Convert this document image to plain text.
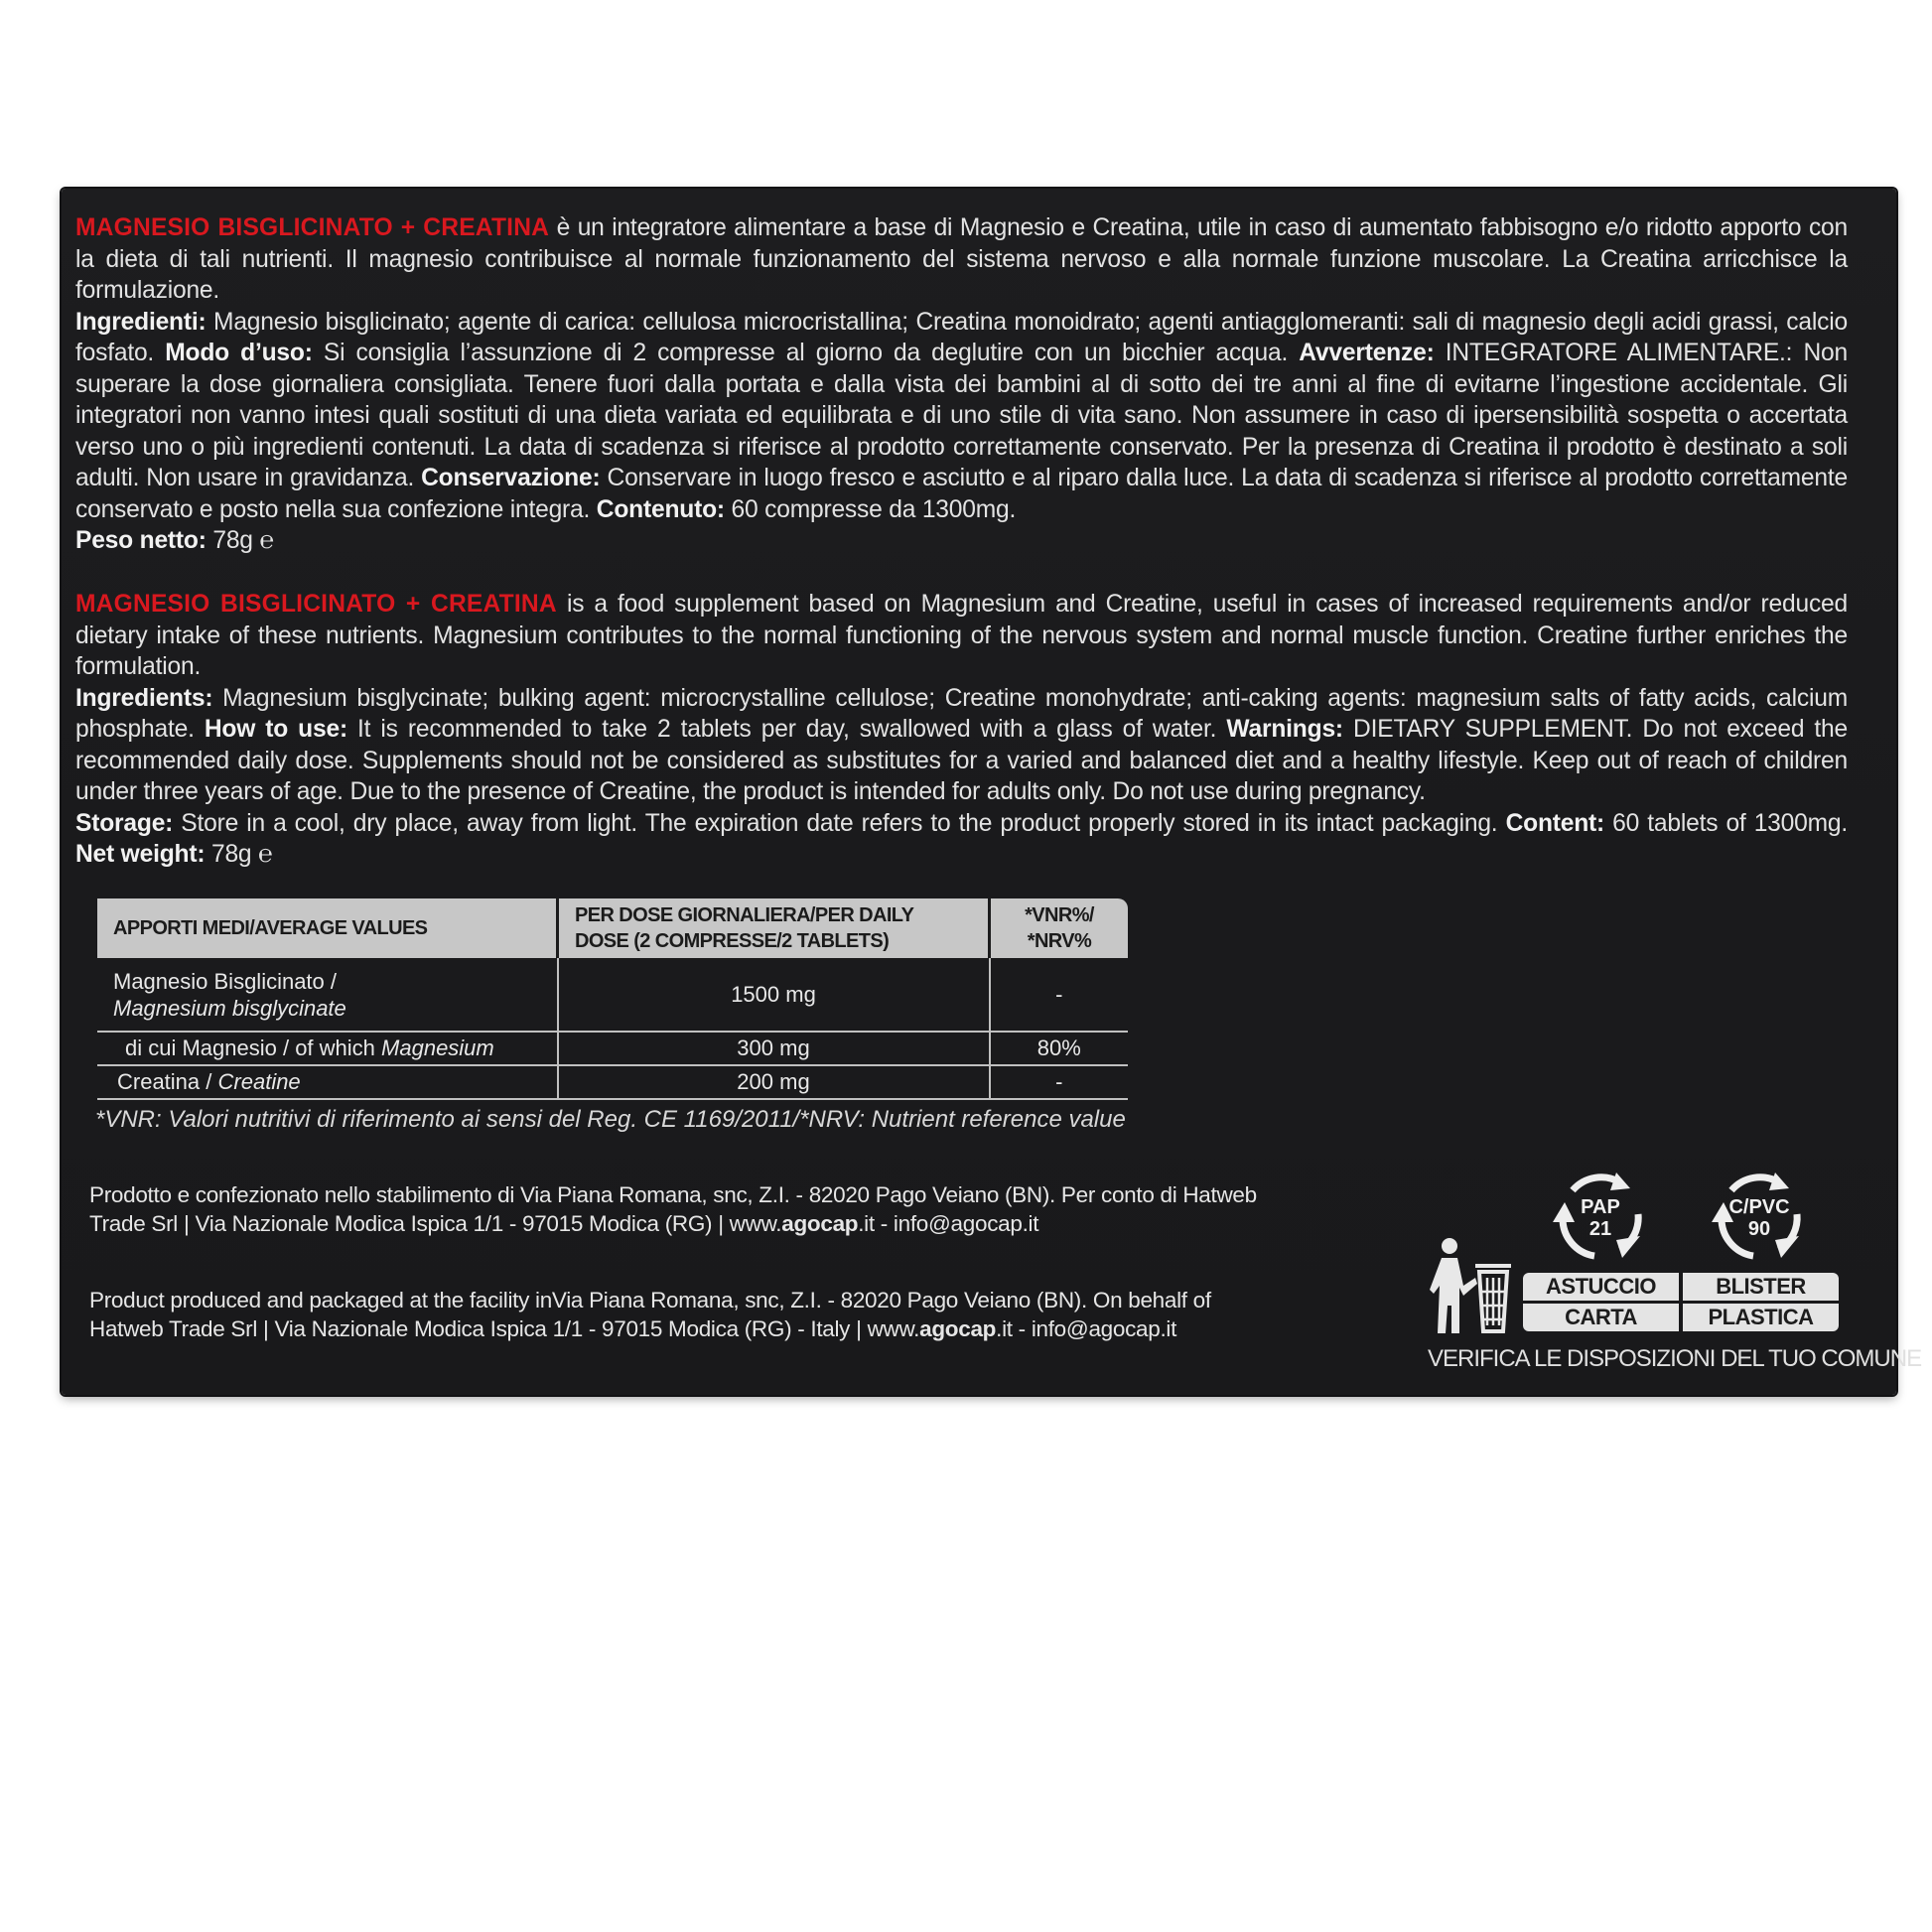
MAGNESIO BISGLICINATO + CREATINA è un integratore alimentare a base di Magnesio e Creatina, utile in caso di aumentato fabbisogno e/o ridotto apporto con la dieta di tali nutrienti. Il magnesio contribuisce al normale funzionamento del sistema nervoso e alla normale funzione muscolare. La Creatina arricchisce la formulazione.
Ingredienti: Magnesio bisglicinato; agente di carica: cellulosa microcristallina; Creatina monoidrato; agenti antiagglomeranti: sali di magnesio degli acidi grassi, calcio fosfato. Modo d’uso: Si consiglia l’assunzione di 2 compresse al giorno da deglutire con un bicchier acqua. Avvertenze: INTEGRATORE ALIMENTARE.: Non superare la dose giornaliera consigliata. Tenere fuori dalla portata e dalla vista dei bambini al di sotto dei tre anni al fine di evitarne l’ingestione accidentale. Gli integratori non vanno intesi quali sostituti di una dieta variata ed equilibrata e di uno stile di vita sano. Non assumere in caso di ipersensibilità sospetta o accertata verso uno o più ingredienti contenuti. La data di scadenza si riferisce al prodotto correttamente conservato. Per la presenza di Creatina il prodotto è destinato a soli adulti. Non usare in gravidanza. Conservazione: Conservare in luogo fresco e asciutto e al riparo dalla luce. La data di scadenza si riferisce al prodotto correttamente conservato e posto nella sua confezione integra. Contenuto: 60 compresse da 1300mg.
Peso netto: 78g ℮
MAGNESIO BISGLICINATO + CREATINA is a food supplement based on Magnesium and Creatine, useful in cases of increased requirements and/or reduced dietary intake of these nutrients. Magnesium contributes to the normal functioning of the nervous system and normal muscle function. Creatine further enriches the formulation.
Ingredients: Magnesium bisglycinate; bulking agent: microcrystalline cellulose; Creatine monohydrate; anti-caking agents: magnesium salts of fatty acids, calcium phosphate. How to use: It is recommended to take 2 tablets per day, swallowed with a glass of water. Warnings: DIETARY SUPPLEMENT. Do not exceed the recommended daily dose. Supplements should not be considered as substitutes for a varied and balanced diet and a healthy lifestyle. Keep out of reach of children under three years of age. Due to the presence of Creatine, the product is intended for adults only. Do not use during pregnancy.
Storage: Store in a cool, dry place, away from light. The expiration date refers to the product properly stored in its intact packaging. Content: 60 tablets of 1300mg. Net weight: 78g ℮
APPORTI MEDI/AVERAGE VALUES	PER DOSE GIORNALIERA/PER DAILY DOSE (2 COMPRESSE/2 TABLETS)	*VNR%/ *NRV%
Magnesio Bisglicinato /
Magnesium bisglycinate	1500 mg	-
di cui Magnesio / of which Magnesium	300 mg	80%
Creatina / Creatine	200 mg	-
*VNR: Valori nutritivi di riferimento ai sensi del Reg. CE 1169/2011/*NRV: Nutrient reference value
Prodotto e confezionato nello stabilimento di Via Piana Romana, snc, Z.I. - 82020 Pago Veiano (BN). Per conto di Hatweb Trade Srl | Via Nazionale Modica Ispica 1/1 - 97015 Modica (RG) | www.agocap.it - info@agocap.it
Product produced and packaged at the facility inVia Piana Romana, snc, Z.I. - 82020 Pago Veiano (BN). On behalf of Hatweb Trade Srl | Via Nazionale Modica Ispica 1/1 - 97015 Modica (RG) - Italy | www.agocap.it - info@agocap.it
PAP
21
C/PVC
90
ASTUCCIO
CARTA
BLISTER
PLASTICA
VERIFICA LE DISPOSIZIONI DEL TUO COMUNE
